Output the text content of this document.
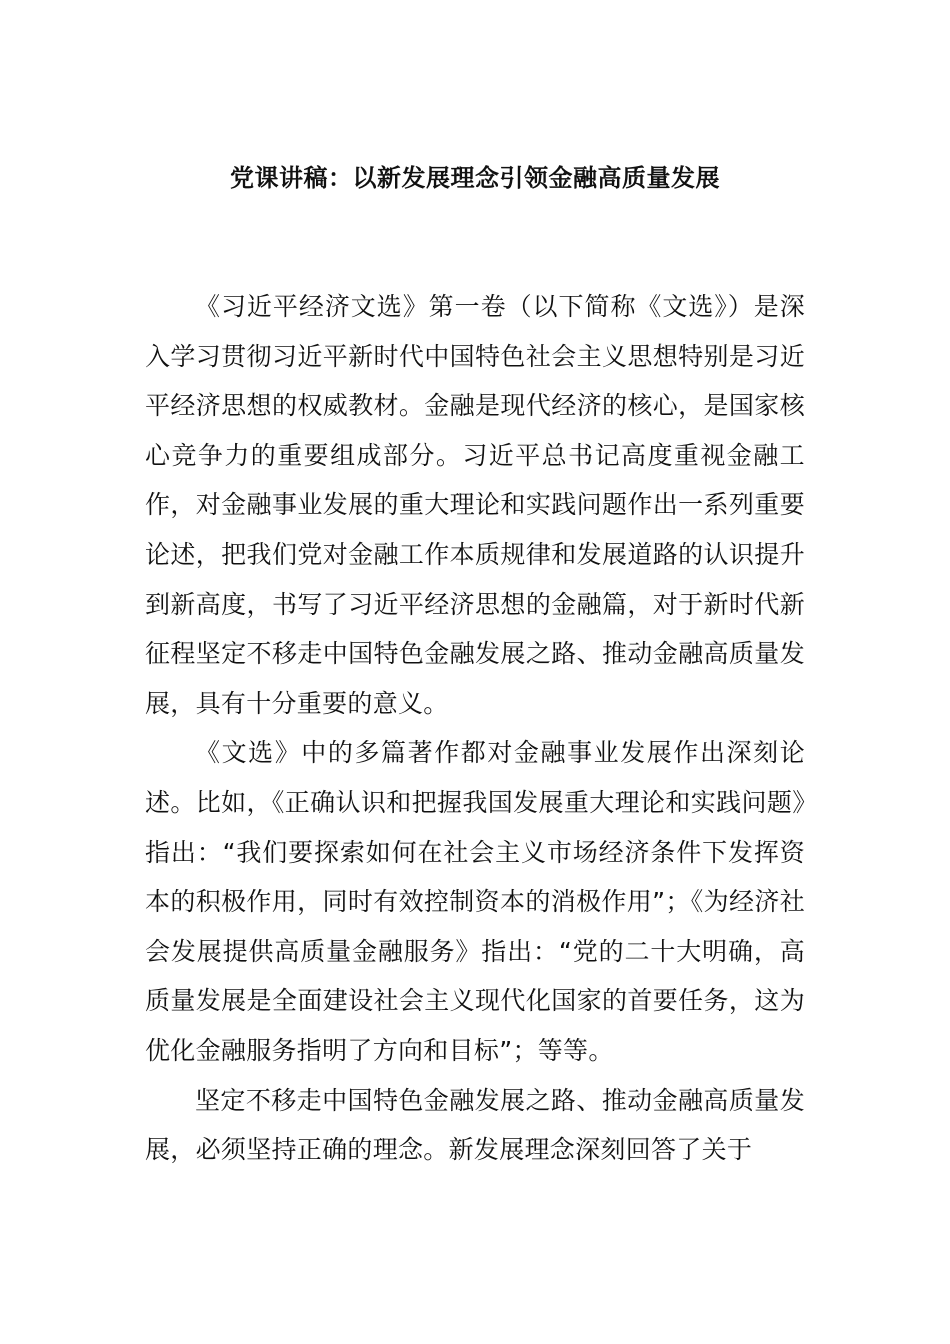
党课讲稿：以新发展理念引领金融高质量发展

《习近平经济文选》第一卷（以下简称《文选》）是深入学习贯彻习近平新时代中国特色社会主义思想特别是习近平经济思想的权威教材。金融是现代经济的核心，是国家核心竞争力的重要组成部分。习近平总书记高度重视金融工作，对金融事业发展的重大理论和实践问题作出一系列重要论述，把我们党对金融工作本质规律和发展道路的认识提升到新高度，书写了习近平经济思想的金融篇，对于新时代新征程坚定不移走中国特色金融发展之路、推动金融高质量发展，具有十分重要的意义。

《文选》中的多篇著作都对金融事业发展作出深刻论述。比如，《正确认识和把握我国发展重大理论和实践问题》指出：“我们要探索如何在社会主义市场经济条件下发挥资本的积极作用，同时有效控制资本的消极作用”；《为经济社会发展提供高质量金融服务》指出：“党的二十大明确，高质量发展是全面建设社会主义现代化国家的首要任务，这为优化金融服务指明了方向和目标”；等等。

坚定不移走中国特色金融发展之路、推动金融高质量发展，必须坚持正确的理念。新发展理念深刻回答了关于
